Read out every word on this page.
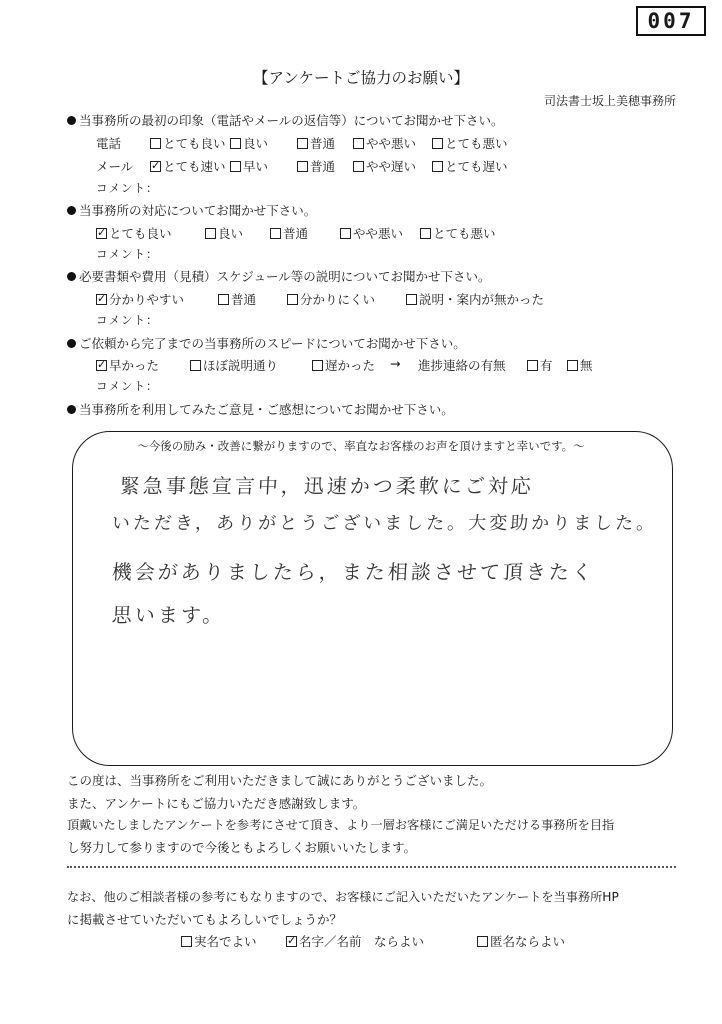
007
【アンケートご協力のお願い】
司法書士坂上美穂事務所
当事務所の最初の印象（電話やメールの返信等）についてお聞かせ下さい。
電話	とても良い	良い	普通	やや悪い	とても悪い
メール	✓ とても速い	早い	普通	やや遅い	とても遅い
コメント：
当事務所の対応についてお聞かせ下さい。
✓ とても良い	良い	普通	やや悪い	とても悪い
コメント：
必要書類や費用（見積）スケジュール等の説明についてお聞かせ下さい。
✓ 分かりやすい	普通	分かりにくい	説明・案内が無かった
コメント：
ご依頼から完了までの当事務所のスピードについてお聞かせ下さい。
✓ 早かった	ほぼ説明通り	遅かった → 進捗連絡の有無	有	無
コメント：
当事務所を利用してみたご意見・ご感想についてお聞かせ下さい。
～今後の励み・改善に繋がりますので、率直なお客様のお声を頂けますと幸いです。～
緊急事態宣言中，迅速かつ柔軟にご対応
いただき，ありがとうございました。大変助かりました。
機会がありましたら，また相談させて頂きたく
思います。
この度は、当事務所をご利用いただきまして誠にありがとうございました。
また、アンケートにもご協力いただき感謝致します。
頂戴いたしましたアンケートを参考にさせて頂き、より一層お客様にご満足いただける事務所を目指
し努力して参りますので今後ともよろしくお願いいたします。
なお、他のご相談者様の参考にもなりますので、お客様にご記入いただいたアンケートを当事務所HP
に掲載させていただいてもよろしいでしょうか？
実名でよい	✓ 名字／名前　ならよい	匿名ならよい
